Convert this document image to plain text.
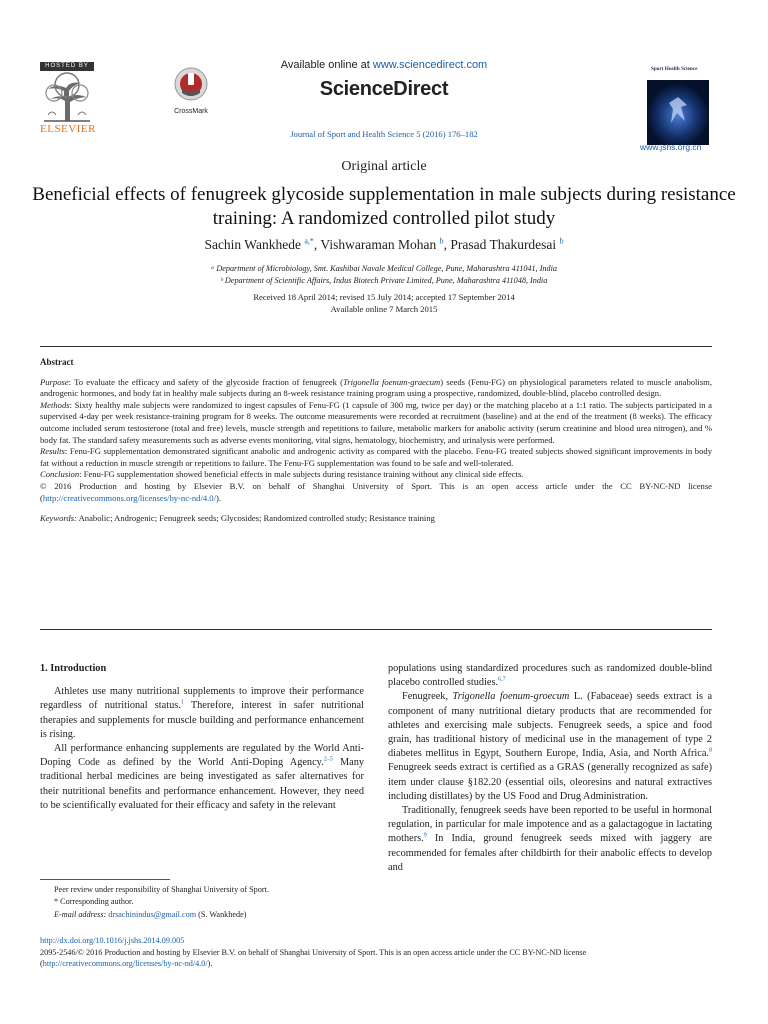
HOSTED BY
ELSEVIER
CrossMark
Available online at www.sciencedirect.com
ScienceDirect
Journal of Sport and Health Science 5 (2016) 176–182
Sport Health Science
www.jshs.org.cn
Original article
Beneficial effects of fenugreek glycoside supplementation in male subjects during resistance training: A randomized controlled pilot study
Sachin Wankhede $^{a,*}$, Vishwaraman Mohan $^b$, Prasad Thakurdesai $^b$
ᵃ Department of Microbiology, Smt. Kashibai Navale Medical College, Pune, Maharashtra 411041, India
ᵇ Department of Scientific Affairs, Indus Biotech Private Limited, Pune, Maharashtra 411048, India
Received 18 April 2014; revised 15 July 2014; accepted 17 September 2014
Available online 7 March 2015

Abstract

Purpose: To evaluate the efficacy and safety of the glycoside fraction of fenugreek (Trigonella foenum-graecum) seeds (Fenu-FG) on physiological parameters related to muscle anabolism, androgenic hormones, and body fat in healthy male subjects during an 8-week resistance training program using a prospective, randomized, double-blind, placebo controlled design.

Methods: Sixty healthy male subjects were randomized to ingest capsules of Fenu-FG (1 capsule of 300 mg, twice per day) or the matching placebo at a 1:1 ratio. The subjects participated in a supervised 4-day per week resistance-training program for 8 weeks. The outcome measurements were recorded at recruitment (baseline) and at the end of the treatment (8 weeks). The efficacy outcome included serum testosterone (total and free) levels, muscle strength and repetitions to failure, metabolic markers for anabolic activity (serum creatinine and blood urea nitrogen), and % body fat. The standard safety measurements such as adverse events monitoring, vital signs, hematology, biochemistry, and urinalysis were performed.

Results: Fenu-FG supplementation demonstrated significant anabolic and androgenic activity as compared with the placebo. Fenu-FG treated subjects showed significant improvements in body fat without a reduction in muscle strength or repetitions to failure. The Fenu-FG supplementation was found to be safe and well-tolerated.

Conclusion: Fenu-FG supplementation showed beneficial effects in male subjects during resistance training without any clinical side effects.

© 2016 Production and hosting by Elsevier B.V. on behalf of Shanghai University of Sport. This is an open access article under the CC BY-NC-ND license (http://creativecommons.org/licenses/by-nc-nd/4.0/).

Keywords: Anabolic; Androgenic; Fenugreek seeds; Glycosides; Randomized controlled study; Resistance training

1. Introduction

Athletes use many nutritional supplements to improve their performance regardless of nutritional status.$^1$ Therefore, interest in safer nutritional therapies and supplements for muscle building and performance enhancement is rising.

All performance enhancing supplements are regulated by the World Anti-Doping Code as defined by the World Anti-Doping Agency.$^{2-5}$ Many traditional herbal medicines are being investigated as safer alternatives for their nutritional benefits and performance enhancement. However, they need to be scientifically evaluated for their efficacy and safety in the relevant

populations using standardized procedures such as randomized double-blind placebo controlled studies.$^{6,7}$

Fenugreek, Trigonella foenum-groecum L. (Fabaceae) seeds extract is a component of many nutritional dietary products that are recommended for athletes and exercising male subjects. Fenugreek seeds, a spice and food grain, has traditional history of medicinal use in the management of type 2 diabetes mellitus in Egypt, Southern Europe, India, Asia, and North Africa.$^8$ Fenugreek seeds extract is certified as a GRAS (generally recognized as safe) item under clause §182.20 (essential oils, oleoresins and natural extractives including distillates) by the US Food and Drug Administration.

Traditionally, fenugreek seeds have been reported to be useful in hormonal regulation, in particular for male impotence and as a galactagogue in lactating mothers.$^9$ In India, ground fenugreek seeds mixed with jaggery are recommended for females after childbirth for their anabolic effects to develop and

Peer review under responsibility of Shanghai University of Sport.
* Corresponding author.
E-mail address: drsachinindus@gmail.com (S. Wankhede)
http://dx.doi.org/10.1016/j.jshs.2014.09.005
2095-2546/© 2016 Production and hosting by Elsevier B.V. on behalf of Shanghai University of Sport. This is an open access article under the CC BY-NC-ND license (http://creativecommons.org/licenses/by-nc-nd/4.0/).
